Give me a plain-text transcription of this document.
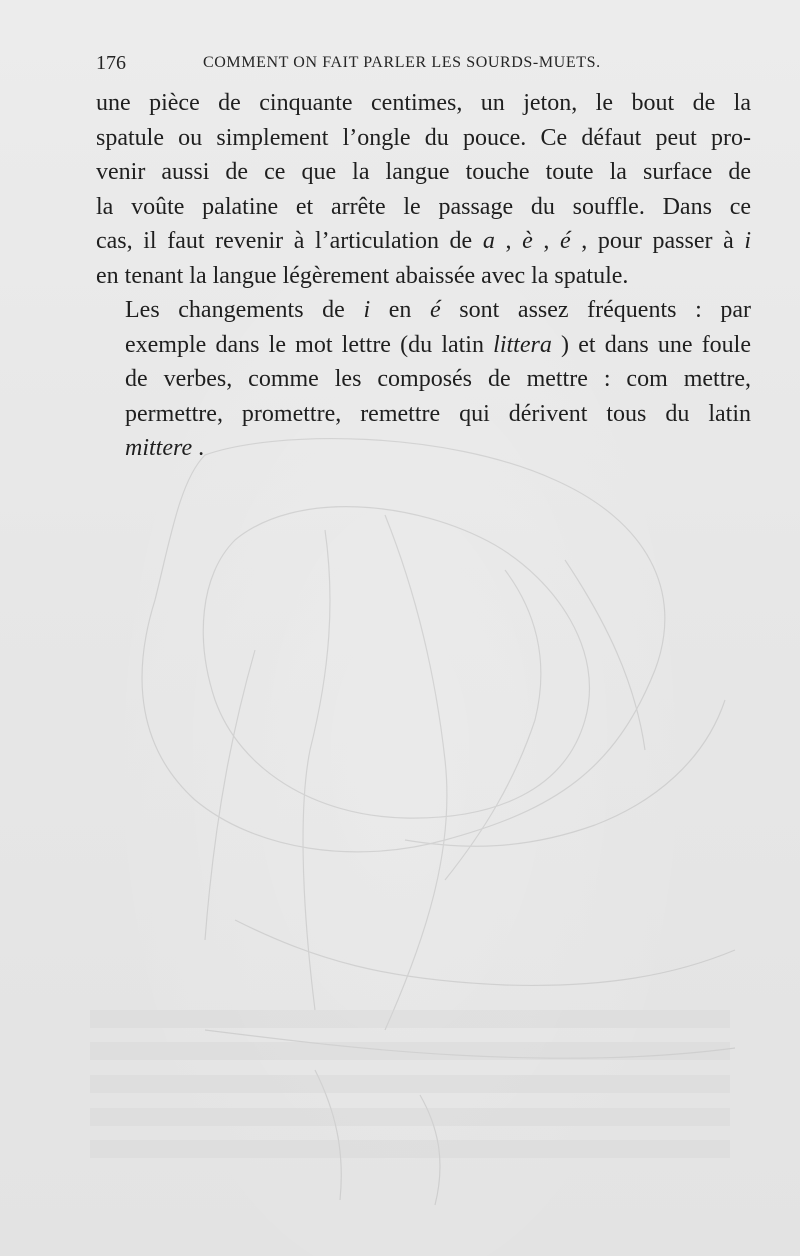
176	COMMENT ON FAIT PARLER LES SOURDS-MUETS.

une pièce de cinquante centimes, un jeton, le bout de la
spatule ou simplement l’ongle du pouce. Ce défaut peut pro-
venir aussi de ce que la langue touche toute la surface de
la voûte palatine et arrête le passage du souffle. Dans ce
cas, il faut revenir à l’articulation de a , è , é , pour passer à i
en tenant la langue légèrement abaissée avec la spatule.

Les changements de i en é sont assez fréquents : par
exemple dans le mot lettre (du latin littera ) et dans une foule
de verbes, comme les composés de mettre : com mettre,
permettre, promettre, remettre qui dérivent tous du latin
mittere .
